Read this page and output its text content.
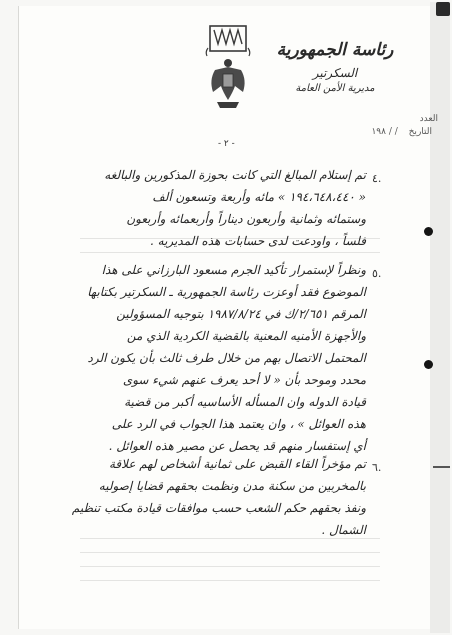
رئاسة الجمهورية
السكرتير
مديرية الأمن العامة
العدد
التاريخ / / ١٩٨
- ٢ -
٤.
تم إستلام المبالغ التي كانت بحوزة المذكورين والبالغه
« ١٩٤،٦٤٨،٤٤٠ » مائه وأربعة وتسعون ألف
وستمائه وثمانية وأربعون ديناراً وأربعمائه وأربعون
فلساً ، واودعت لدى حسابات هذه المديريه .
٥.
ونظراً لإستمرار تأكيد الجرم مسعود البارزاني على هذا
الموضوع فقد أوعزت رئاسة الجمهورية ـ السكرتير بكتابها
المرقم ٢/٦٥١/ك في ١٩٨٧/٨/٢٤ بتوجيه المسؤولين
والأجهزة الأمنيه المعنية بالقضية الكردية الذي من
المحتمل الاتصال بهم من خلال طرف ثالث بأن يكون الرد
محدد وموحد بأن « لا أحد يعرف عنهم شيء سوى
قيادة الدوله وان المسأله الأساسيه أكبر من قضية
هذه العوائل » ، وان يعتمد هذا الجواب في الرد على
أي إستفسار منهم قد يحصل عن مصير هذه العوائل .
٦.
تم مؤخراً القاء القبض على ثمانية أشخاص لهم علاقة
بالمخربين من سكنة مدن ونظمت بحقهم قضايا إصوليه
ونفذ بحقهم حكم الشعب حسب موافقات قيادة مكتب تنظيم
الشمال .
